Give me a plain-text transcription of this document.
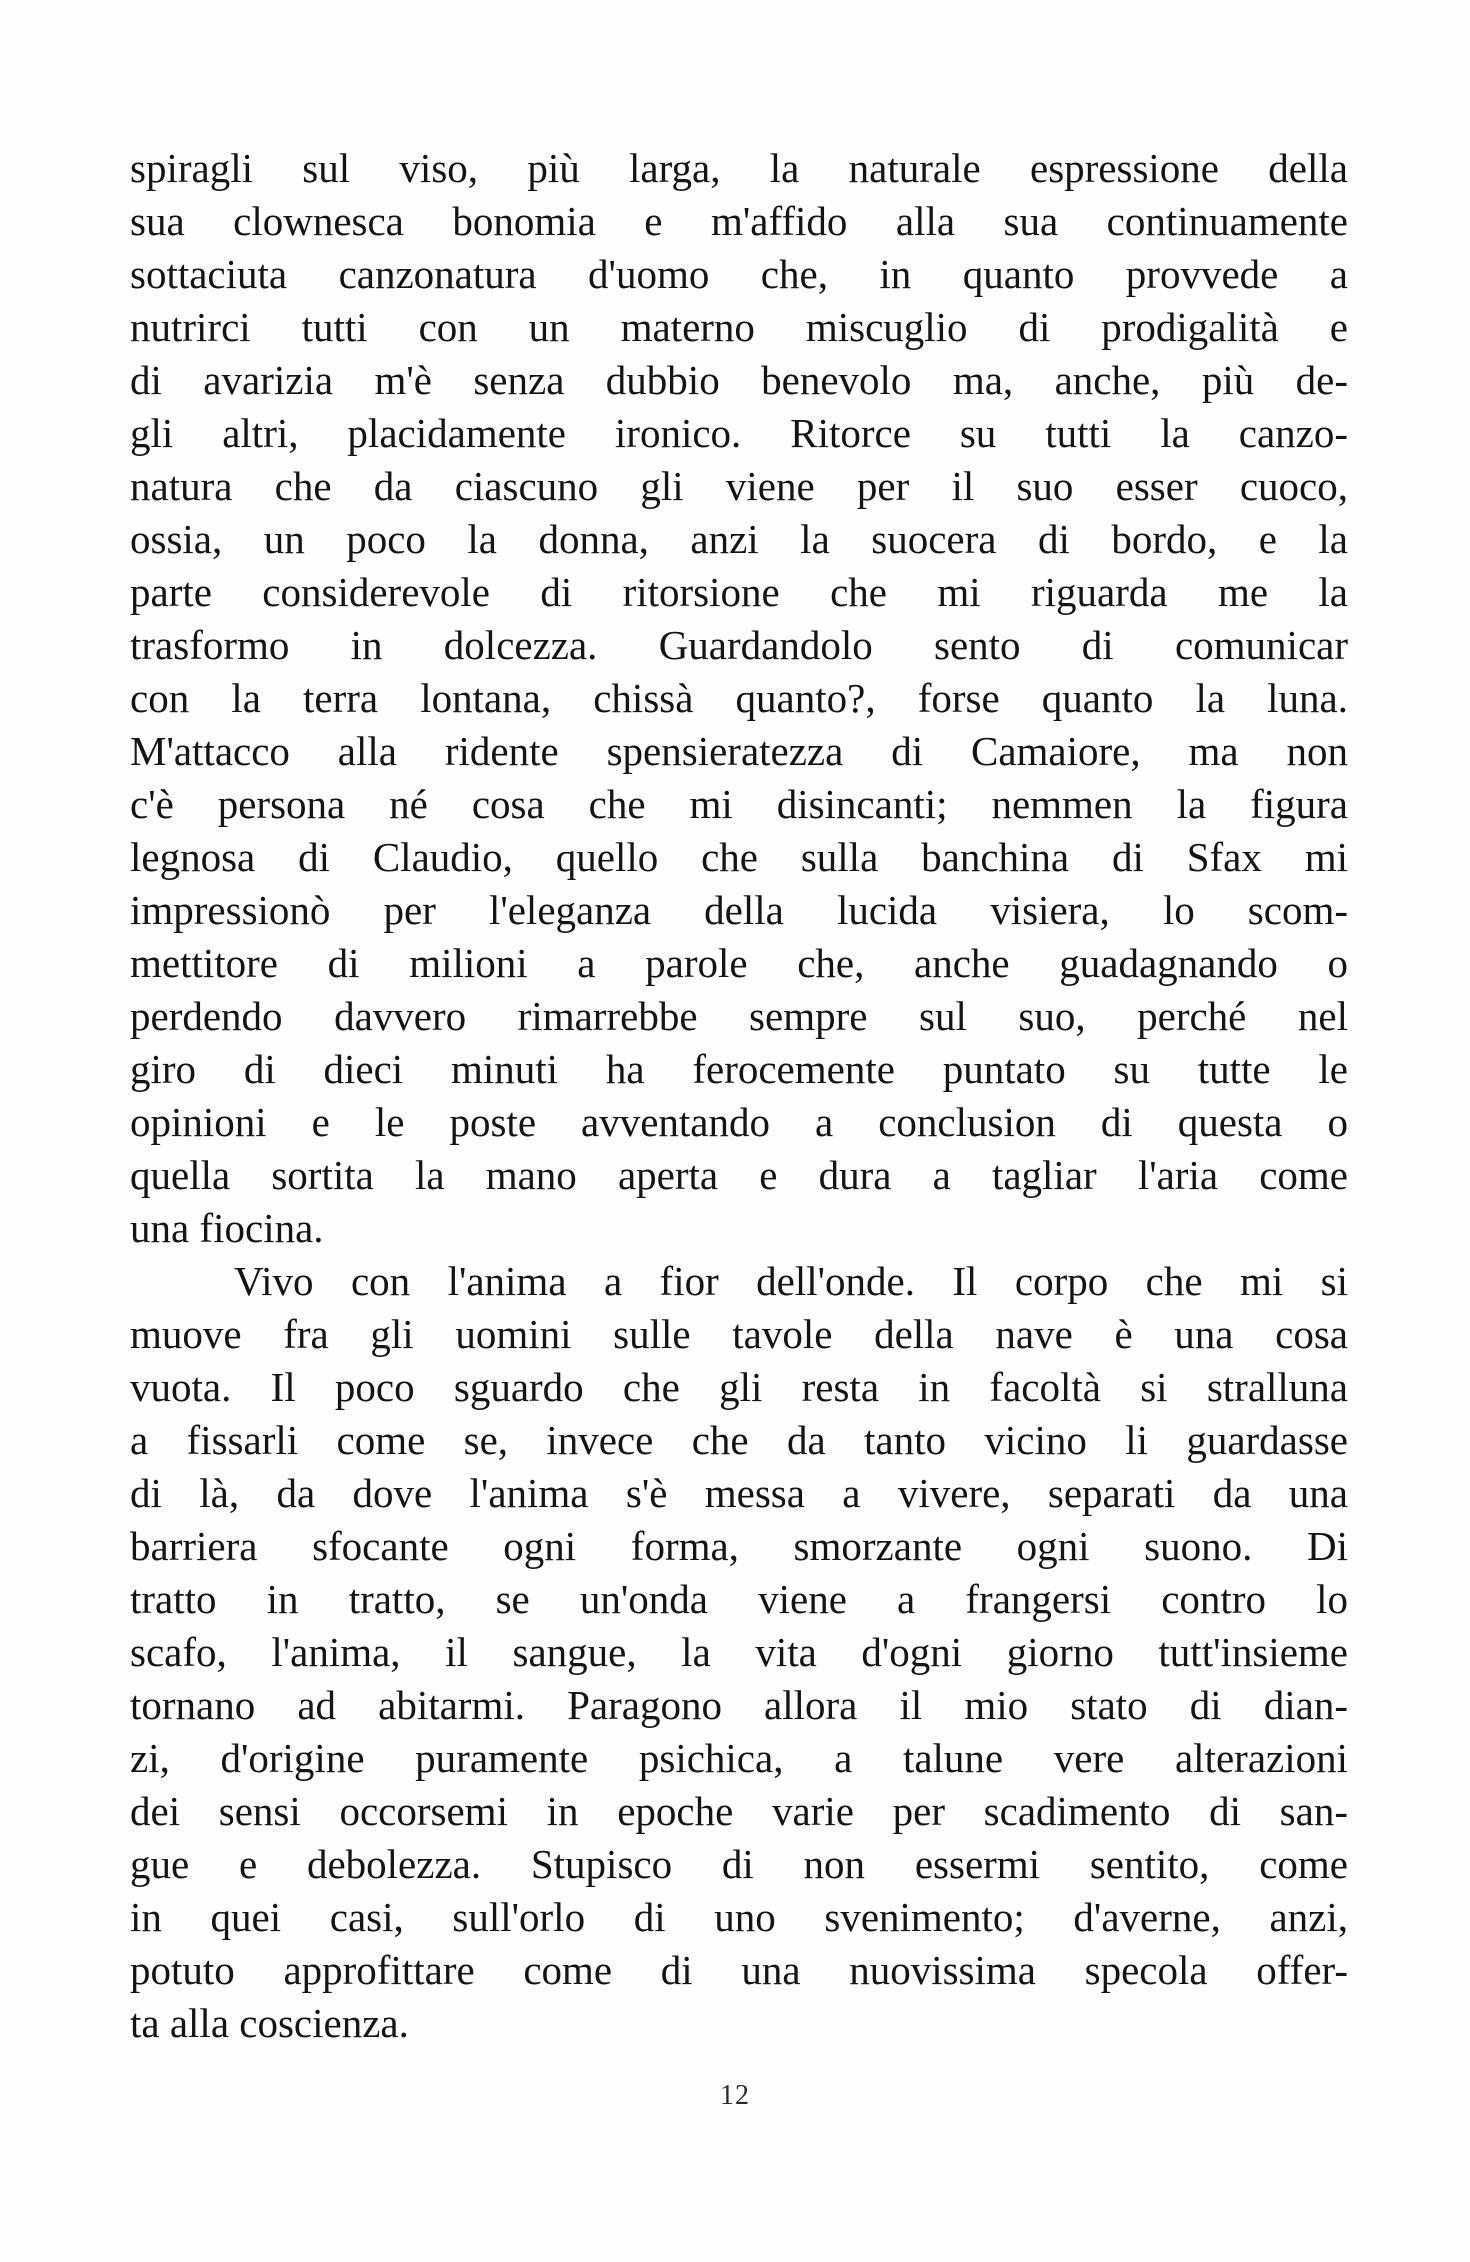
spiragli sul viso, più larga, la naturale espressione della
sua clownesca bonomia e m'affido alla sua continuamente
sottaciuta canzonatura d'uomo che, in quanto provvede a
nutrirci tutti con un materno miscuglio di prodigalità e
di avarizia m'è senza dubbio benevolo ma, anche, più de-
gli altri, placidamente ironico. Ritorce su tutti la canzo-
natura che da ciascuno gli viene per il suo esser cuoco,
ossia, un poco la donna, anzi la suocera di bordo, e la
parte considerevole di ritorsione che mi riguarda me la
trasformo in dolcezza. Guardandolo sento di comunicar
con la terra lontana, chissà quanto?, forse quanto la luna.
M'attacco alla ridente spensieratezza di Camaiore, ma non
c'è persona né cosa che mi disincanti; nemmen la figura
legnosa di Claudio, quello che sulla banchina di Sfax mi
impressionò per l'eleganza della lucida visiera, lo scom-
mettitore di milioni a parole che, anche guadagnando o
perdendo davvero rimarrebbe sempre sul suo, perché nel
giro di dieci minuti ha ferocemente puntato su tutte le
opinioni e le poste avventando a conclusion di questa o
quella sortita la mano aperta e dura a tagliar l'aria come
una fiocina.
Vivo con l'anima a fior dell'onde. Il corpo che mi si
muove fra gli uomini sulle tavole della nave è una cosa
vuota. Il poco sguardo che gli resta in facoltà si stralluna
a fissarli come se, invece che da tanto vicino li guardasse
di là, da dove l'anima s'è messa a vivere, separati da una
barriera sfocante ogni forma, smorzante ogni suono. Di
tratto in tratto, se un'onda viene a frangersi contro lo
scafo, l'anima, il sangue, la vita d'ogni giorno tutt'insieme
tornano ad abitarmi. Paragono allora il mio stato di dian-
zi, d'origine puramente psichica, a talune vere alterazioni
dei sensi occorsemi in epoche varie per scadimento di san-
gue e debolezza. Stupisco di non essermi sentito, come
in quei casi, sull'orlo di uno svenimento; d'averne, anzi,
potuto approfittare come di una nuovissima specola offer-
ta alla coscienza.
12
